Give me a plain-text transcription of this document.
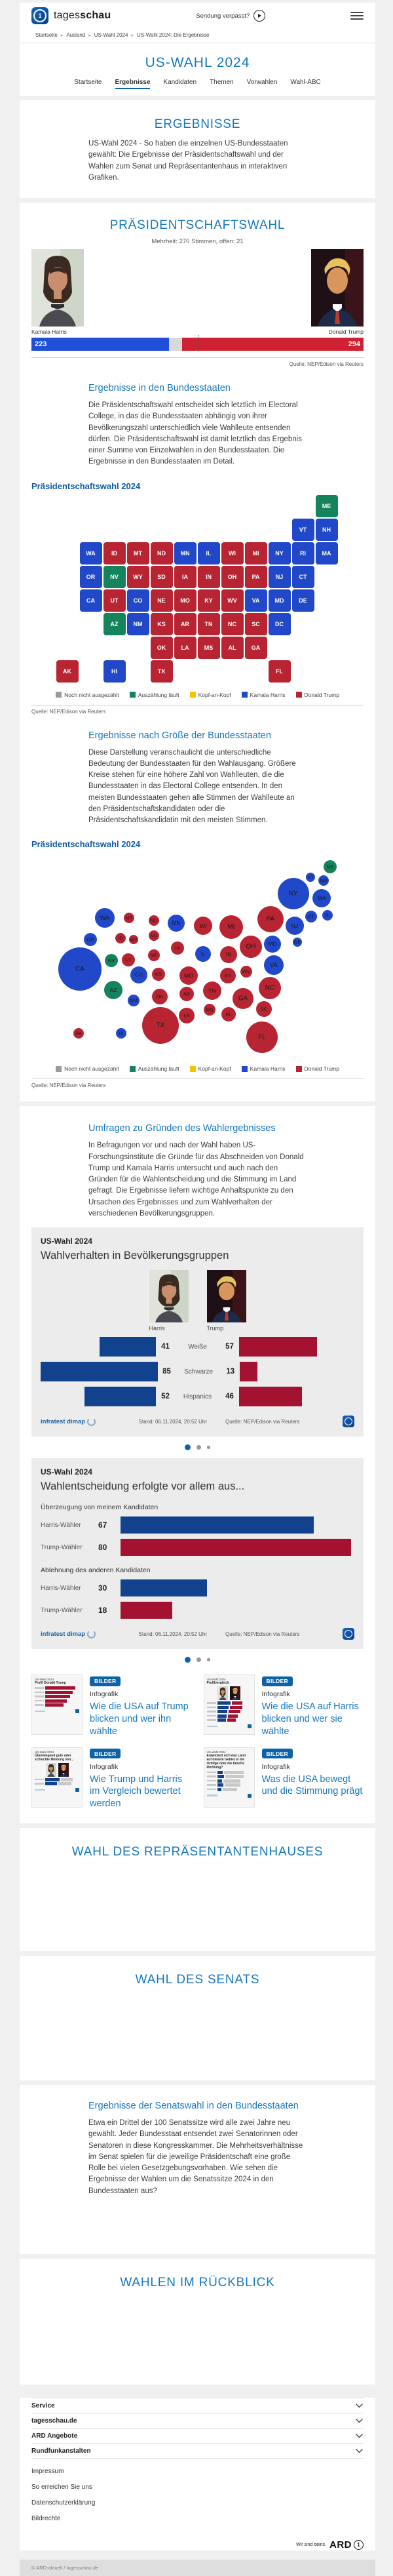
1	tagesschau	Sendung verpasst?
Startseite ▸ Ausland ▸ US-Wahl 2024 ▸ US-Wahl 2024: Die Ergebnisse
US-WAHL 2024
Startseite Ergebnisse Kandidaten Themen Vorwahlen Wahl-ABC
ERGEBNISSE

US-Wahl 2024 - So haben die einzelnen US-Bundesstaaten gewählt: Die Ergebnisse der Präsidentschaftswahl und der Wahlen zum Senat und Repräsentantenhaus in interaktiven Grafiken.

PRÄSIDENTSCHAFTSWAHL
Mehrheit: 270 Stimmen, offen: 21
Kamala Harris	Donald Trump
223	294
Quelle: NEP/Edison via Reuters
Ergebnisse in den Bundesstaaten

Die Präsidentschaftswahl entscheidet sich letztlich im Electoral College, in das die Bundesstaaten abhängig von ihrer Bevölkerungszahl unterschiedlich viele Wahlleute entsenden dürfen. Die Präsidentschaftswahl ist damit letztlich das Ergebnis einer Summe von Einzelwahlen in den Bundesstaaten. Die Ergebnisse in den Bundesstaaten im Detail.

Präsidentschaftswahl 2024
ME
VT	NH
WA	ID	MT	ND	MN	IL	WI	MI	NY	RI	MA
OR	NV	WY	SD	IA	IN	OH	PA	NJ	CT
CA	UT	CO	NE	MO	KY	WV	VA	MD	DE
AZ	NM	KS	AR	TN	NC	SC	DC
OK	LA	MS	AL	GA
AK	HI	TX	FL
Noch nicht ausgezählt	Auszählung läuft	Kopf-an-Kopf	Kamala Harris	Donald Trump
Quelle: NEP/Edison via Reuters
Ergebnisse nach Größe der Bundesstaaten

Diese Darstellung veranschaulicht die unterschiedliche Bedeutung der Bundesstaaten für den Wahlausgang. Größere Kreise stehen für eine höhere Zahl von Wahlleuten, die die Bundesstaaten in das Electoral College entsenden. In den meisten Bundesstaaten gehen alle Stimmen der Wahlleute an den Präsidentschaftskandidaten oder die Präsidentschaftskandidatin mit den meisten Stimmen.

Präsidentschaftswahl 2024
WA	MT	ND	MN	WI	MI
PA
NY
MA
VT
NH
ME
CT RI
NJ
OR	ID WY
SD
IA
NE	IL	IN
OH MD	DE
WV
VA
CA
NV UT
CO	KS	MO	KY
NC
AZ
NM
OK	AR	TN
GA
SC
MS
AL
LA
TX
FL
AK	HI
Noch nicht ausgezählt	Auszählung läuft	Kopf-an-Kopf	Kamala Harris	Donald Trump
Quelle: NEP/Edison via Reuters
Umfragen zu Gründen des Wahlergebnisses

In Befragungen vor und nach der Wahl haben US-Forschungsinstitute die Gründe für das Abschneiden von Donald Trump und Kamala Harris untersucht und auch nach den Gründen für die Wahlentscheidung und die Stimmung im Land gefragt. Die Ergebnisse liefern wichtige Anhaltspunkte zu den Ursachen des Ergebnisses und zum Wahlverhalten der verschiedenen Bevölkerungsgruppen.

US-Wahl 2024
Wahlverhalten in Bevölkerungsgruppen
Harris	Trump
41	Weiße	57
85	Schwarze	13
52	Hispanics	46
infratest dimap	Stand: 06.11.2024, 20:52 Uhr	Quelle: NEP/Edison via Reuters
US-Wahl 2024
Wahlentscheidung erfolgte vor allem aus...
Überzeugung von meinem Kandidaten
Harris-Wähler	67
Trump-Wähler	80
Ablehnung des anderen Kandidaten
Harris-Wähler	30
Trump-Wähler	18
infratest dimap	Stand: 06.11.2024, 20:52 Uhr	Quelle: NEP/Edison via Reuters
US-Wahl 2024
Profil Donald Trump	BILDER
Infografik
Wie die USA auf Trump blicken und wer ihn wählte
US-Wahl 2024
Profilvergleich	BILDER
Infografik
Wie die USA auf Harris blicken und wer sie wählte
US-Wahl 2024
Überwiegend gute oder schlechte Meinung von...
BILDER
Infografik
Wie Trump und Harris im Vergleich bewertet werden
US-Wahl 2024
Entwickelt sich das Land auf diesem Gebiet in die richtige oder die falsche Richtung?
BILDER
Infografik
Was die USA bewegt und die Stimmung prägt
WAHL DES REPRÄSENTANTENHAUSES
WAHL DES SENATS
Ergebnisse der Senatswahl in den Bundesstaaten

Etwa ein Drittel der 100 Senatssitze wird alle zwei Jahre neu gewählt. Jeder Bundesstaat entsendet zwei Senatorinnen oder Senatoren in diese Kongresskammer. Die Mehrheitsverhältnisse im Senat spielen für die jeweilige Präsidentschaft eine große Rolle bei vielen Gesetzgebungsvorhaben. Wie sehen die Ergebnisse der Wahlen um die Senatssitze 2024 in den Bundesstaaten aus?

WAHLEN IM RÜCKBLICK
Service
tagesschau.de
ARD Angebote
Rundfunkanstalten
Impressum
So erreichen Sie uns
Datenschutzerklärung
Bildrechte
Wir sind deins. ARD	1
© ARD-aktuell / tagesschau.de
